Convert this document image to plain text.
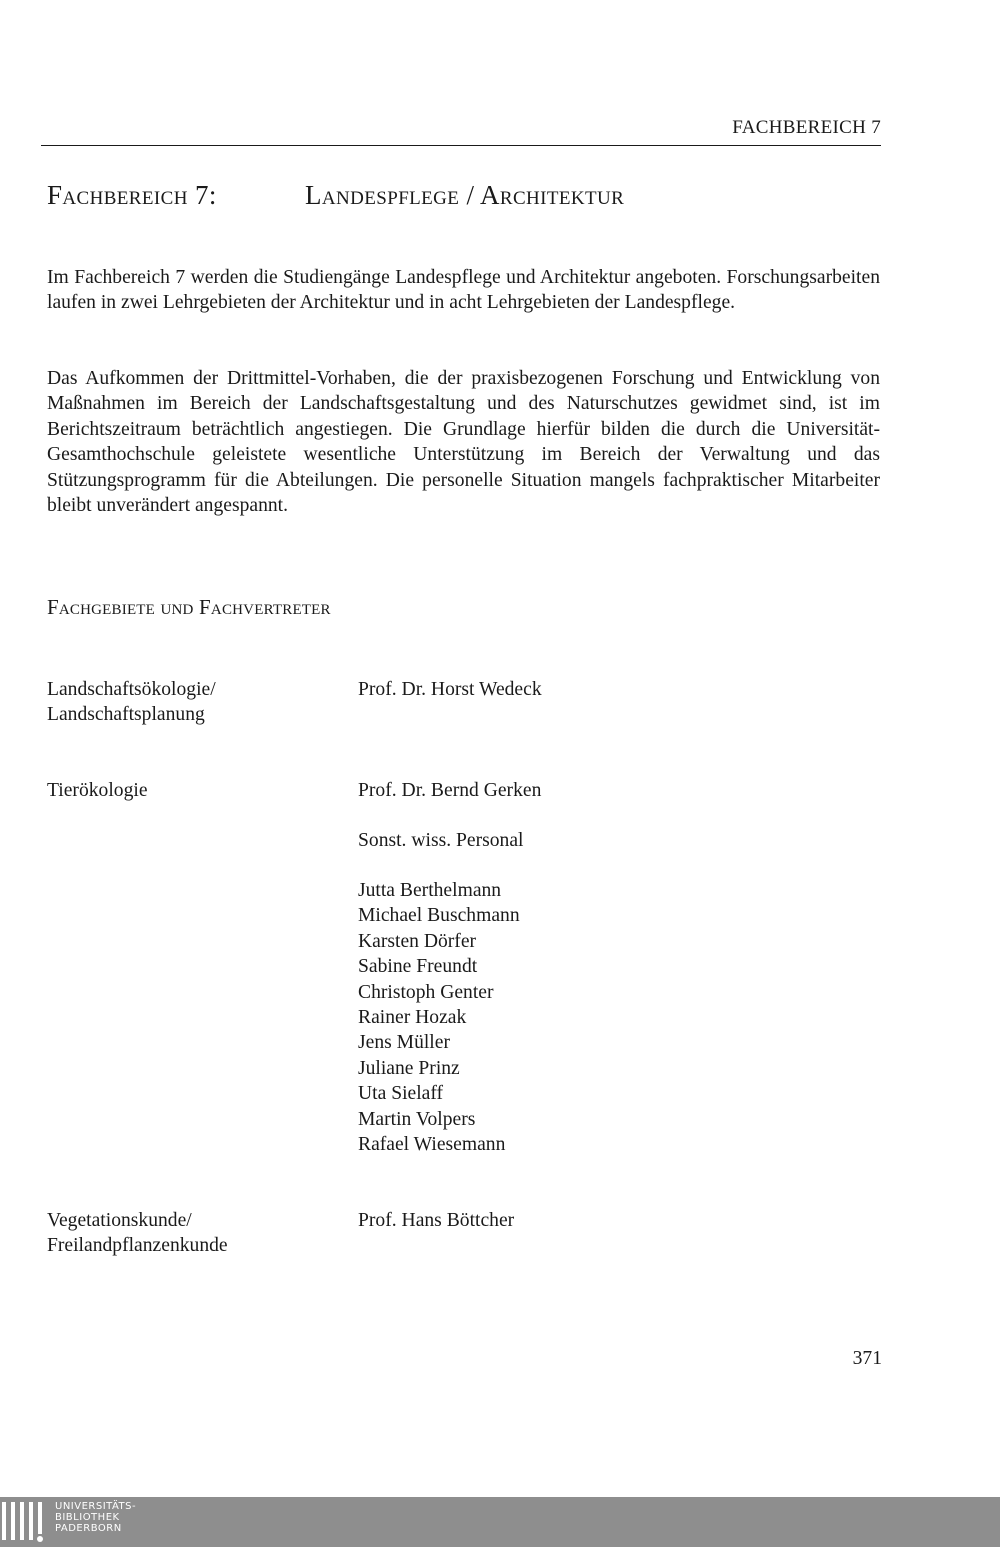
FACHBEREICH 7
Fachbereich 7:	Landespflege / Architektur

Im Fachbereich 7 werden die Studiengänge Landespflege und Architektur angeboten. Forschungsarbeiten laufen in zwei Lehrgebieten der Architektur und in acht Lehrgebieten der Landespflege.

Das Aufkommen der Drittmittel-Vorhaben, die der praxisbezogenen Forschung und Entwicklung von Maßnahmen im Bereich der Landschaftsgestaltung und des Naturschutzes gewidmet sind, ist im Berichtszeitraum beträchtlich angestiegen. Die Grundlage hierfür bilden die durch die Universität-Gesamthochschule geleistete wesentliche Unterstützung im Bereich der Verwaltung und das Stützungsprogramm für die Abteilungen. Die personelle Situation mangels fachpraktischer Mitarbeiter bleibt unverändert angespannt.

Fachgebiete und Fachvertreter
Landschaftsökologie/
Landschaftsplanung
Prof. Dr. Horst Wedeck
Tierökologie	Prof. Dr. Bernd Gerken
Sonst. wiss. Personal
Jutta Berthelmann
Michael Buschmann
Karsten Dörfer
Sabine Freundt
Christoph Genter
Rainer Hozak
Jens Müller
Juliane Prinz
Uta Sielaff
Martin Volpers
Rafael Wiesemann
Vegetationskunde/
Freilandpflanzenkunde
Prof. Hans Böttcher
371
UNIVERSITÄTS-
BIBLIOTHEK
PADERBORN
